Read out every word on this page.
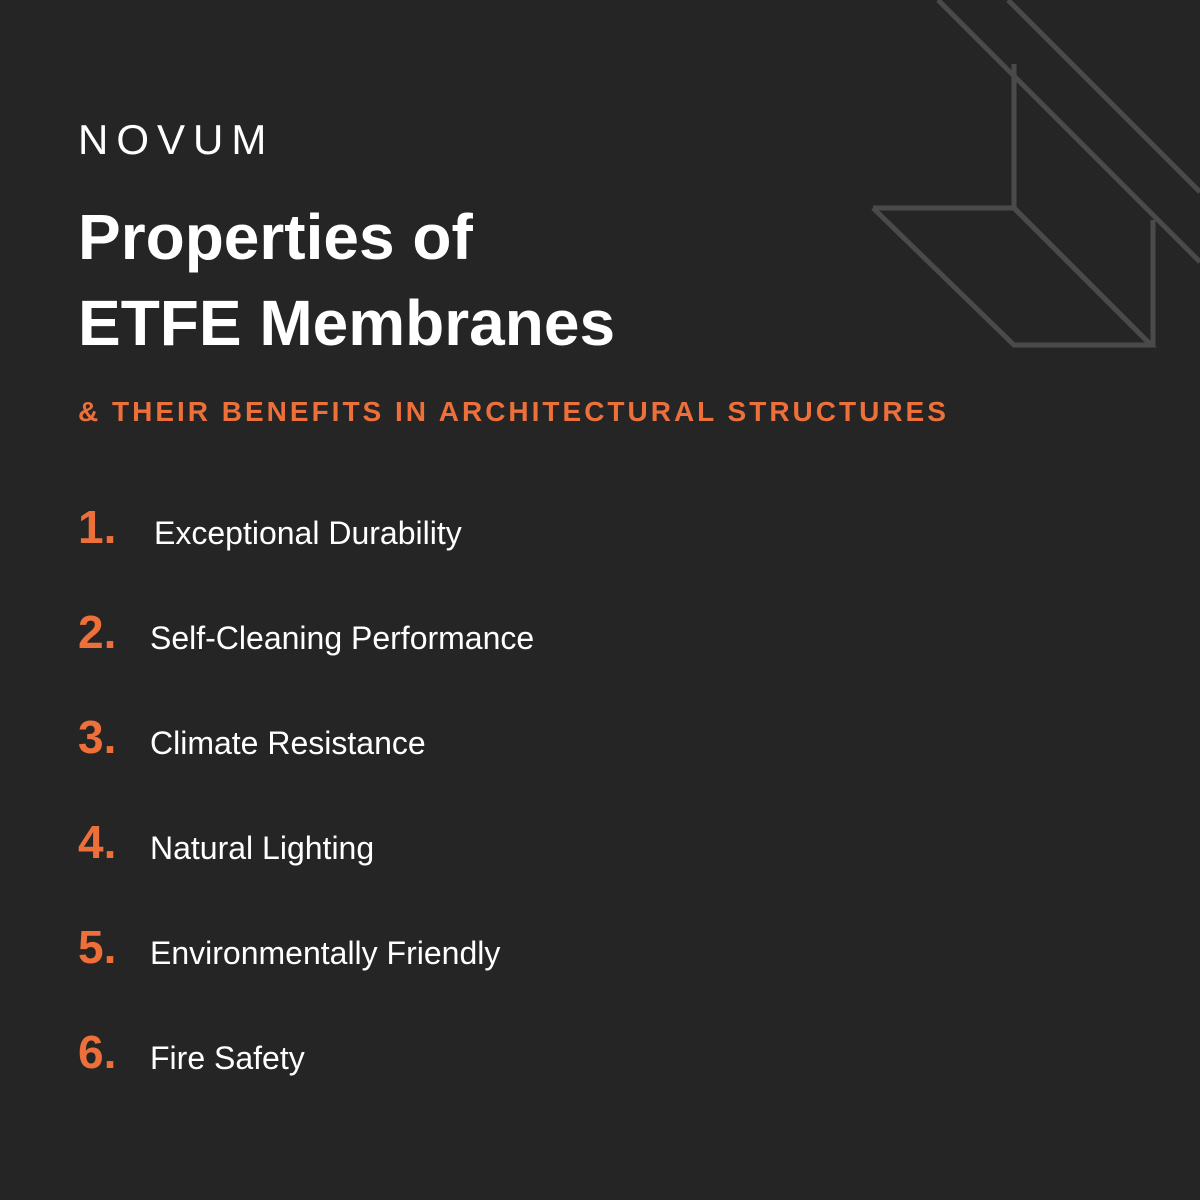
NOVUM
Properties of
ETFE Membranes
& THEIR BENEFITS IN ARCHITECTURAL STRUCTURES
1.	Exceptional Durability
2.	Self-Cleaning Performance
3.	Climate Resistance
4.	Natural Lighting
5.	Environmentally Friendly
6.	Fire Safety
